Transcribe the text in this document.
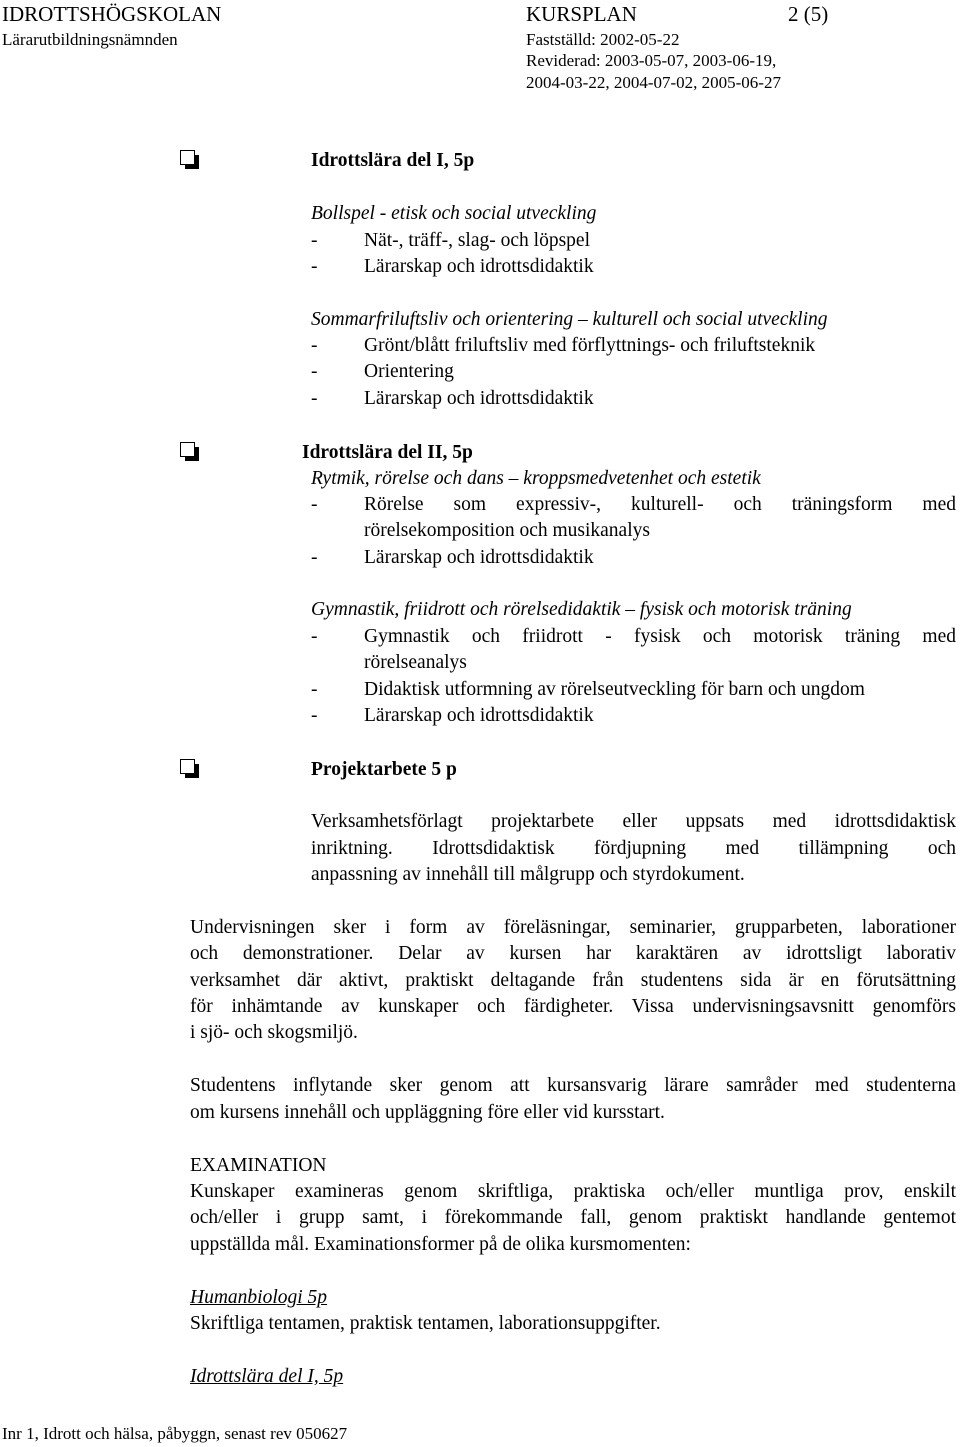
IDROTTSHÖGSKOLAN	KURSPLAN	2 (5)
Lärarutbildningsnämnden	Fastställd: 2002-05-22
Reviderad: 2003-05-07, 2003-06-19,
2004-03-22, 2004-07-02, 2005-06-27
Idrottslära del I, 5p
Bollspel - etisk och social utveckling
- Nät-, träff-, slag- och löpspel
- Lärarskap och idrottsdidaktik
Sommarfriluftsliv och orientering – kulturell och social utveckling
- Grönt/blått friluftsliv med förflyttnings- och friluftsteknik
- Orientering
- Lärarskap och idrottsdidaktik
Idrottslära del II, 5p
Rytmik, rörelse och dans – kroppsmedvetenhet och estetik
- Rörelse som expressiv-, kulturell- och träningsform med
rörelsekomposition och musikanalys
- Lärarskap och idrottsdidaktik
Gymnastik, friidrott och rörelsedidaktik – fysisk och motorisk träning
- Gymnastik och friidrott - fysisk och motorisk träning med
rörelseanalys
- Didaktisk utformning av rörelseutveckling för barn och ungdom
- Lärarskap och idrottsdidaktik
Projektarbete 5 p
Verksamhetsförlagt projektarbete eller uppsats med idrottsdidaktisk
inriktning. Idrottsdidaktisk fördjupning med tillämpning och
anpassning av innehåll till målgrupp och styrdokument.
Undervisningen sker i form av föreläsningar, seminarier, grupparbeten, laborationer
och demonstrationer. Delar av kursen har karaktären av idrottsligt laborativ
verksamhet där aktivt, praktiskt deltagande från studentens sida är en förutsättning
för inhämtande av kunskaper och färdigheter. Vissa undervisningsavsnitt genomförs
i sjö- och skogsmiljö.
Studentens inflytande sker genom att kursansvarig lärare samråder med studenterna
om kursens innehåll och uppläggning före eller vid kursstart.
EXAMINATION
Kunskaper examineras genom skriftliga, praktiska och/eller muntliga prov, enskilt
och/eller i grupp samt, i förekommande fall, genom praktiskt handlande gentemot
uppställda mål. Examinationsformer på de olika kursmomenten:
Humanbiologi 5p
Skriftliga tentamen, praktisk tentamen, laborationsuppgifter.
Idrottslära del I, 5p
Inr 1, Idrott och hälsa, påbyggn, senast rev 050627
